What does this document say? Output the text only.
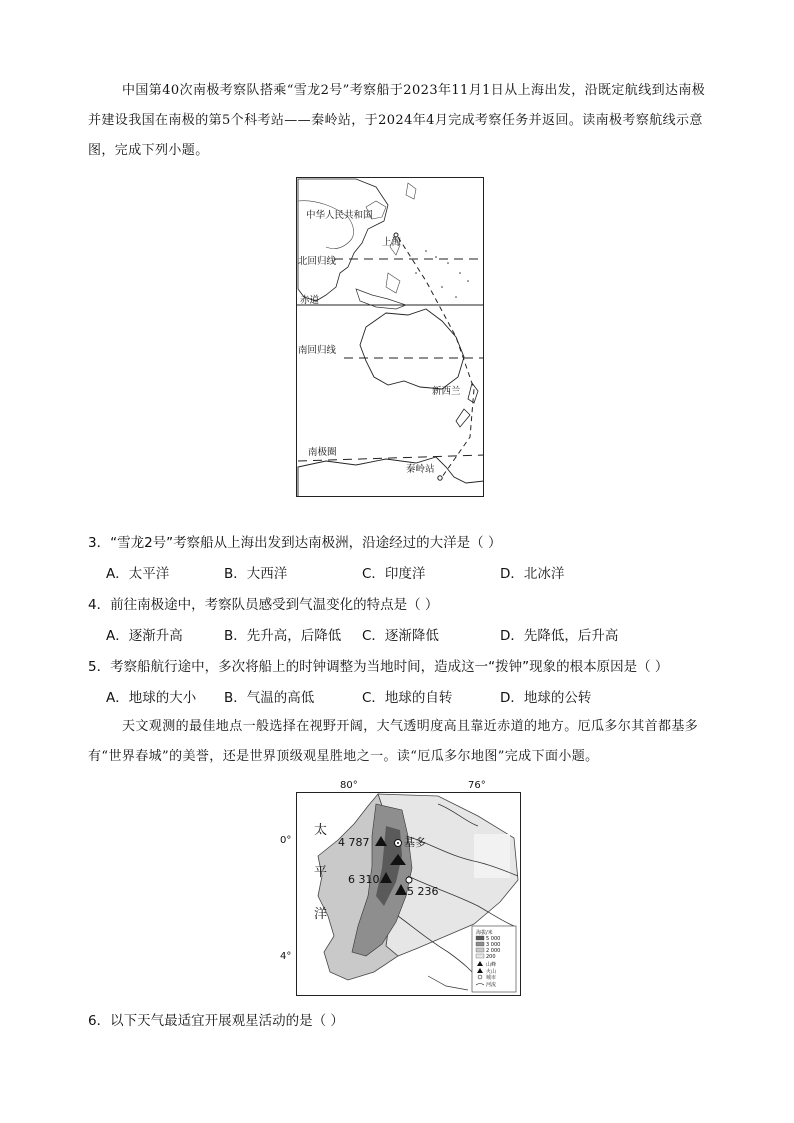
中国第40次南极考察队搭乘“雪龙2号”考察船于2023年11月1日从上海出发，沿既定航线到达南极并建设我国在南极的第5个科考站——秦岭站，于2024年4月完成考察任务并返回。读南极考察航线示意图，完成下列小题。
中华人民共和国
上海
北回归线
赤道
南回归线
新西兰
南极圈
秦岭站
3．“雪龙2号”考察船从上海出发到达南极洲，沿途经过的大洋是（ ）
A．太平洋	B．大西洋	C．印度洋	D．北冰洋
4．前往南极途中，考察队员感受到气温变化的特点是（ ）
A．逐渐升高	B．先升高，后降低 C．逐渐降低	D．先降低，后升高
5．考察船航行途中，多次将船上的时钟调整为当地时间，造成这一“拨钟”现象的根本原因是（ ）
A．地球的大小 B．气温的高低	C．地球的自转	D．地球的公转
天文观测的最佳地点一般选择在视野开阔，大气透明度高且靠近赤道的地方。厄瓜多尔其首都基多有“世界春城”的美誉，还是世界顶级观星胜地之一。读“厄瓜多尔地图”完成下面小题。
80°	76°
0°
4°
太
平
洋
基多
4 787
6 310
5 236
海拔/米
5 000
3 000
2 000
200
山峰
火山
城市
河流
6．以下天气最适宜开展观星活动的是（ ）
